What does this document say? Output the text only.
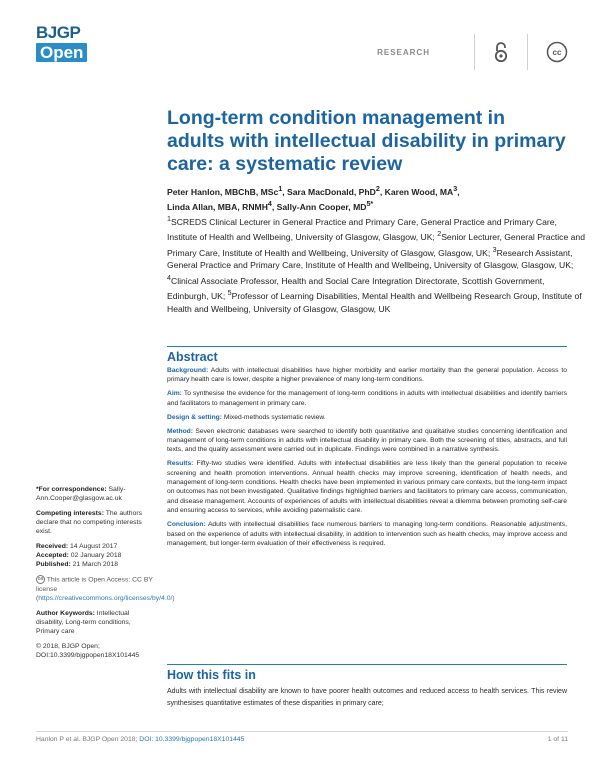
BJGP
Open	RESEARCH	cc
Long-term condition management in adults with intellectual disability in primary care: a systematic review
Peter Hanlon, MBChB, MSc$^1$, Sara MacDonald, PhD$^2$, Karen Wood, $MA^3$,
Linda Allan, MBA, RNMH$^4$, Sally-Ann Cooper, $MD^{5*}$
$^1$SCREDS Clinical Lecturer in General Practice and Primary Care, General Practice and Primary Care, Institute of Health and Wellbeing, University of Glasgow, Glasgow, UK; $^2$Senior Lecturer, General Practice and Primary Care, Institute of Health and Wellbeing, University of Glasgow, Glasgow, UK; $^3$Research Assistant, General Practice and Primary Care, Institute of Health and Wellbeing, University of Glasgow, Glasgow, UK; $^4$Clinical Associate Professor, Health and Social Care Integration Directorate, Scottish Government, Edinburgh, UK; $^5$Professor of Learning Disabilities, Mental Health and Wellbeing Research Group, Institute of Health and Wellbeing, University of Glasgow, Glasgow, UK
Abstract

Background: Adults with intellectual disabilities have higher morbidity and earlier mortality than the general population. Access to primary health care is lower, despite a higher prevalence of many long-term conditions.

Aim: To synthesise the evidence for the management of long-term conditions in adults with intellectual disabilities and identify barriers and facilitators to management in primary care.

Design & setting: Mixed-methods systematic review.

Method: Seven electronic databases were searched to identify both quantitative and qualitative studies concerning identification and management of long-term conditions in adults with intellectual disability in primary care. Both the screening of titles, abstracts, and full texts, and the quality assessment were carried out in duplicate. Findings were combined in a narrative synthesis.

Results: Fifty-two studies were identified. Adults with intellectual disabilities are less likely than the general population to receive screening and health promotion interventions. Annual health checks may improve screening, identification of health needs, and management of long-term conditions. Health checks have been implemented in various primary care contexts, but the long-term impact on outcomes has not been investigated. Qualitative findings highlighted barriers and facilitators to primary care access, communication, and disease management. Accounts of experiences of adults with intellectual disabilities reveal a dilemma between promoting self-care and ensuring access to services, while avoiding paternalistic care.

Conclusion: Adults with intellectual disabilities face numerous barriers to managing long-term conditions. Reasonable adjustments, based on the experience of adults with intellectual disability, in addition to intervention such as health checks, may improve access and management, but longer-term evaluation of their effectiveness is required.

*For correspondence: Sally-Ann.Cooper@glasgow.ac.uk

Competing interests: The authors declare that no competing interests exist.

Received: 14 August 2017
Accepted: 02 January 2018
Published: 21 March 2018

oa This article is Open Access: CC BY license (https://creativecommons.org/licenses/by/4.0/)

Author Keywords: Intellectual disability, Long-term conditions, Primary care

© 2018, BJGP Open; DOI:10.3399/bjgpopen18X101445

How this fits in
Adults with intellectual disability are known to have poorer health outcomes and reduced access to health services. This review synthesises quantitative estimates of these disparities in primary care;
Hanlon P et al. BJGP Open 2018; DOI: 10.3399/bjgpopen18X101445	1 of 11
